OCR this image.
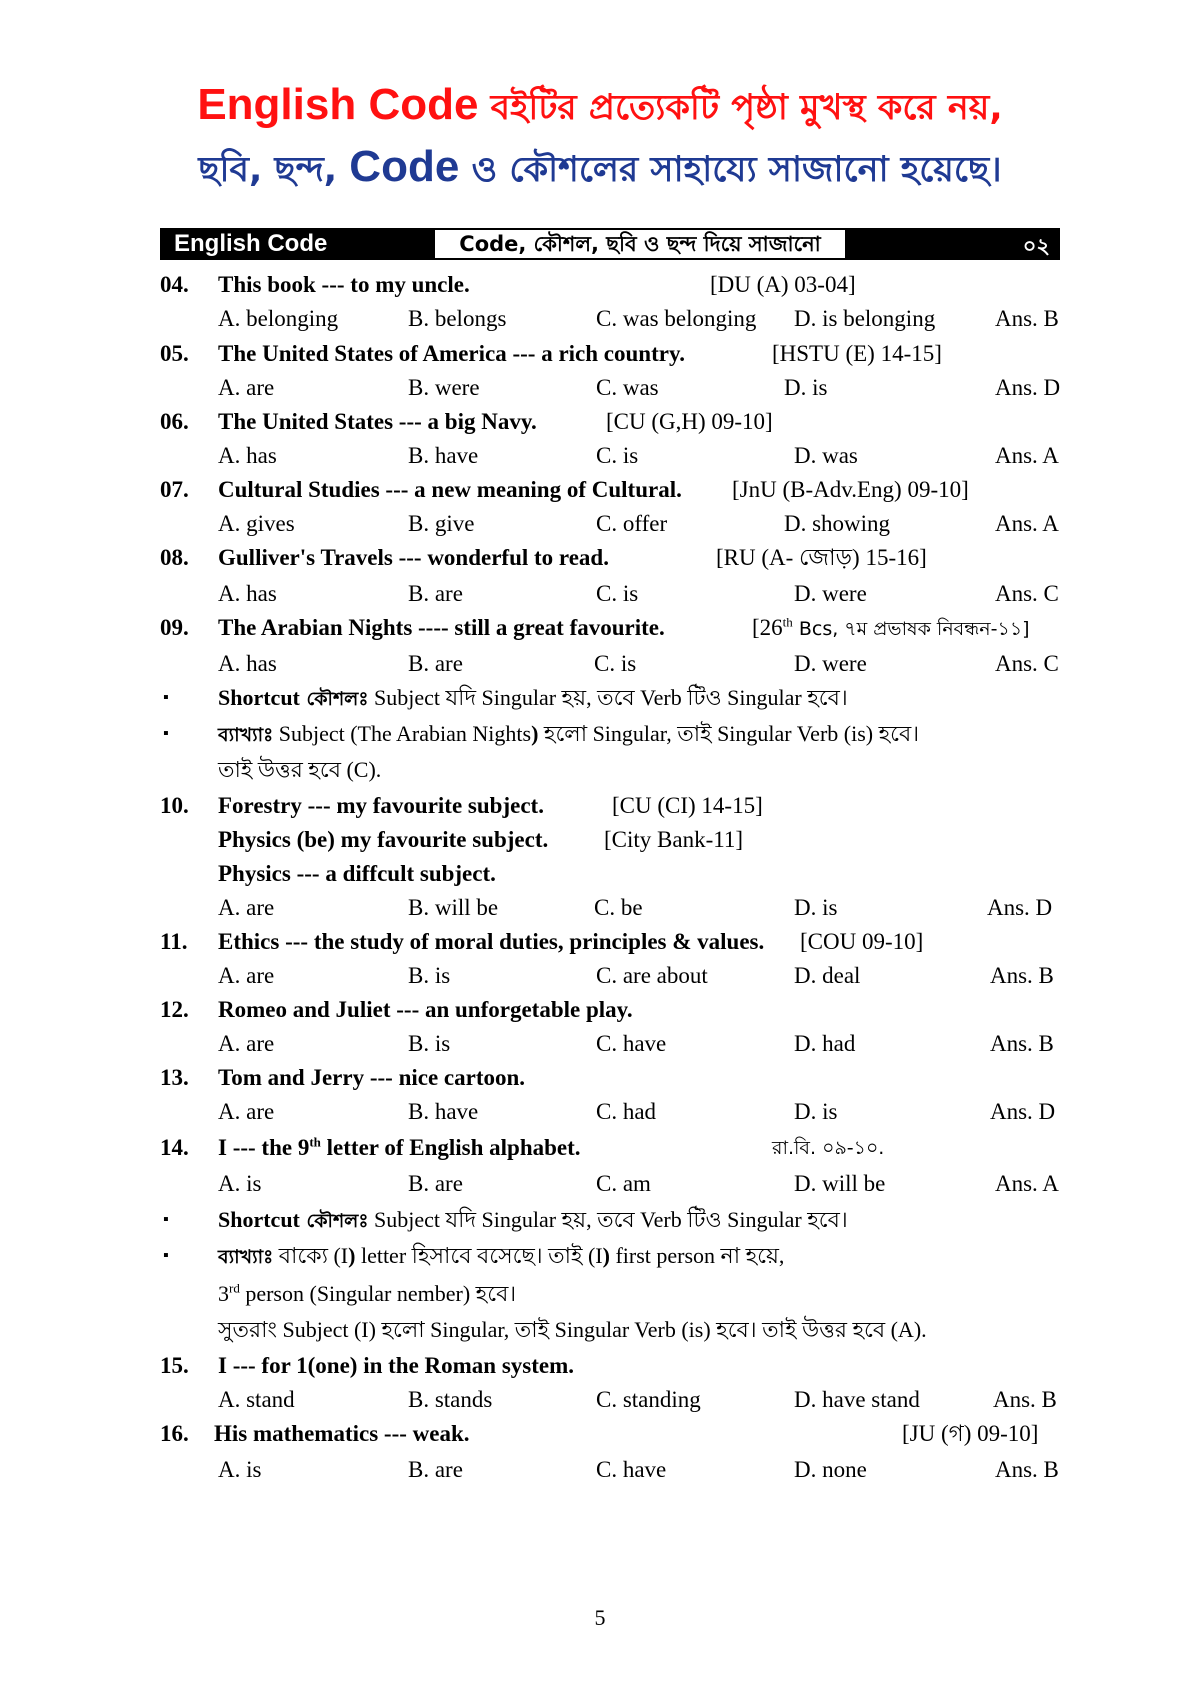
English Code বইটির প্রত্যেকটি পৃষ্ঠা মুখস্থ করে নয়,
ছবি, ছন্দ, Code ও কৌশলের সাহায্যে সাজানো হয়েছে।
English Code	Code, কৌশল, ছবি ও ছন্দ দিয়ে সাজানো	০২
04. This book --- to my uncle.	[DU (A) 03-04]
A. belonging	B. belongs	C. was belonging D. is belonging	Ans. B
05. The United States of America --- a rich country.	[HSTU (E) 14-15]
A. are	B. were	C. was	D. is	Ans. D
06. The United States --- a big Navy.	[CU (G,H) 09-10]
A. has	B. have	C. is	D. was	Ans. A
07. Cultural Studies --- a new meaning of Cultural. [JnU (B-Adv.Eng) 09-10]
A. gives	B. give	C. offer	D. showing	Ans. A
08. Gulliver's Travels --- wonderful to read.	[RU (A- জোড়) 15-16]
A. has	B. are	C. is	D. were	Ans. C
09. The Arabian Nights ---- still a great favourite.	[26th Bcs, ৭ম প্রভাষক নিবন্ধন-১১]
A. has	B. are	C. is	D. were	Ans. C
▪ Shortcut কৌশলঃ Subject যদি Singular হয়, তবে Verb টিও Singular হবে।
▪	ব্যাখ্যাঃ Subject (The Arabian Nights) হলো Singular, তাই Singular Verb (is) হবে।
তাই উত্তর হবে (C).
10. Forestry --- my favourite subject.	[CU (CI) 14-15]
Physics (be) my favourite subject. [City Bank-11]
Physics --- a diffcult subject.
A. are	B. will be	C. be	D. is	Ans. D
11. Ethics --- the study of moral duties, principles & values. [COU 09-10]
A. are	B. is	C. are about	D. deal	Ans. B
12. Romeo and Juliet --- an unforgetable play.
A. are	B. is	C. have	D. had	Ans. B
13. Tom and Jerry --- nice cartoon.
A. are	B. have	C. had	D. is	Ans. D
14. I --- the 9th letter of English alphabet.	রা.বি. ০৯-১০.
A. is	B. are	C. am	D. will be	Ans. A
▪ Shortcut কৌশলঃ Subject যদি Singular হয়, তবে Verb টিও Singular হবে।
▪	ব্যাখ্যাঃ বাক্যে (I) letter হিসাবে বসেছে। তাই (I) first person না হয়ে,
3rd person (Singular nember) হবে।
সুতরাং Subject (I) হলো Singular, তাই Singular Verb (is) হবে। তাই উত্তর হবে (A).
15. I --- for 1(one) in the Roman system.
A. stand	B. stands	C. standing	D. have stand	Ans. B
16. His mathematics --- weak.	[JU (গ) 09-10]
A. is	B. are	C. have	D. none	Ans. B
5
